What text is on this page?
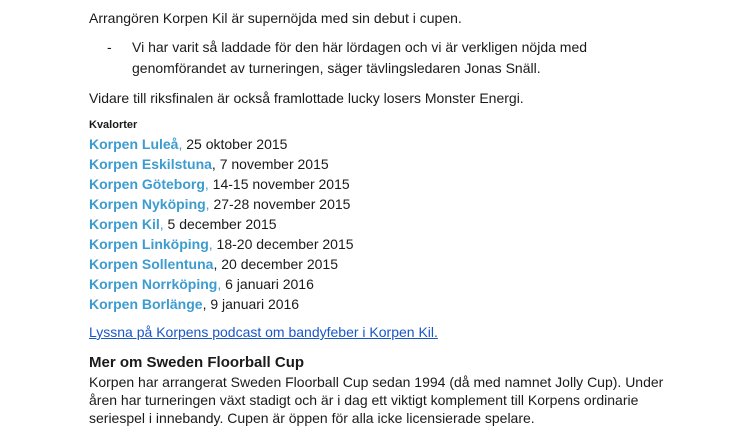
Arrangören Korpen Kil är supernöjda med sin debut i cupen.
- Vi har varit så laddade för den här lördagen och vi är verkligen nöjda med
genomförandet av turneringen, säger tävlingsledaren Jonas Snäll.
Vidare till riksfinalen är också framlottade lucky losers Monster Energi.
Kvalorter
Korpen Luleå, 25 oktober 2015
Korpen Eskilstuna, 7 november 2015
Korpen Göteborg, 14-15 november 2015
Korpen Nyköping, 27-28 november 2015
Korpen Kil, 5 december 2015
Korpen Linköping, 18-20 december 2015
Korpen Sollentuna, 20 december 2015
Korpen Norrköping, 6 januari 2016
Korpen Borlänge, 9 januari 2016
Lyssna på Korpens podcast om bandyfeber i Korpen Kil.
Mer om Sweden Floorball Cup
Korpen har arrangerat Sweden Floorball Cup sedan 1994 (då med namnet Jolly Cup). Under
åren har turneringen växt stadigt och är i dag ett viktigt komplement till Korpens ordinarie
seriespel i innebandy. Cupen är öppen för alla icke licensierade spelare.
